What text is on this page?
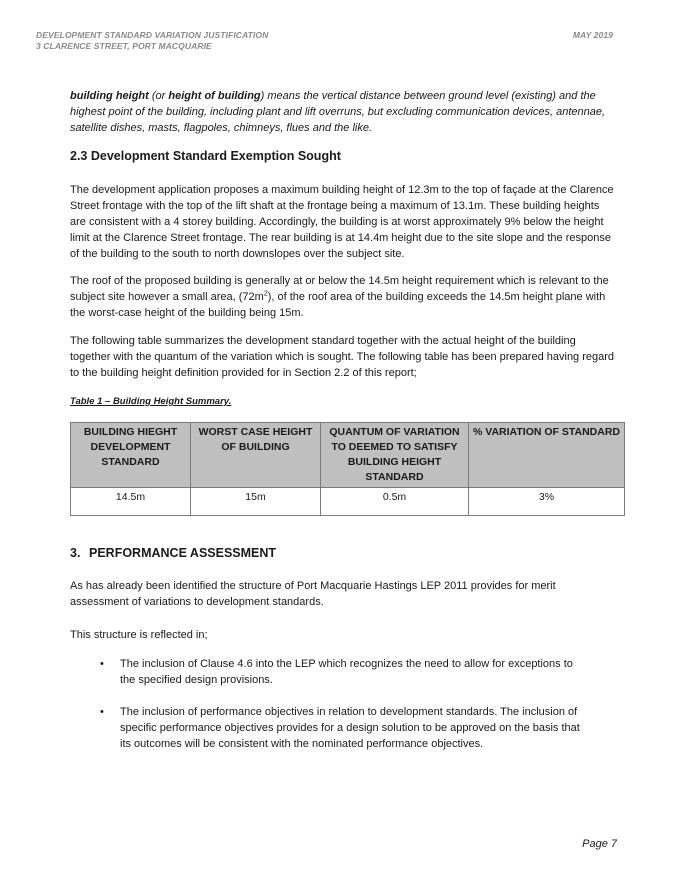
DEVELOPMENT STANDARD VARIATION JUSTIFICATION
3 CLARENCE STREET, PORT MACQUARIE
MAY 2019
building height (or height of building) means the vertical distance between ground level (existing) and the highest point of the building, including plant and lift overruns, but excluding communication devices, antennae, satellite dishes, masts, flagpoles, chimneys, flues and the like.
2.3 Development Standard Exemption Sought
The development application proposes a maximum building height of 12.3m to the top of façade at the Clarence Street frontage with the top of the lift shaft at the frontage being a maximum of 13.1m. These building heights are consistent with a 4 storey building. Accordingly, the building is at worst approximately 9% below the height limit at the Clarence Street frontage. The rear building is at 14.4m height due to the site slope and the response of the building to the south to north downslopes over the subject site.
The roof of the proposed building is generally at or below the 14.5m height requirement which is relevant to the subject site however a small area, $(72m^2)$, of the roof area of the building exceeds the 14.5m height plane with the worst-case height of the building being 15m.
The following table summarizes the development standard together with the actual height of the building together with the quantum of the variation which is sought. The following table has been prepared having regard to the building height definition provided for in Section 2.2 of this report;
Table 1 – Building Height Summary.
BUILDING HIEGHT DEVELOPMENT STANDARD	WORST CASE HEIGHT OF BUILDING	QUANTUM OF VARIATION TO DEEMED TO SATISFY BUILDING HEIGHT STANDARD	% VARIATION OF STANDARD
14.5m	15m	0.5m	3%
3. PERFORMANCE ASSESSMENT
As has already been identified the structure of Port Macquarie Hastings LEP 2011 provides for merit assessment of variations to development standards.
This structure is reflected in;
•	The inclusion of Clause 4.6 into the LEP which recognizes the need to allow for exceptions to the specified design provisions.
•	The inclusion of performance objectives in relation to development standards. The inclusion of specific performance objectives provides for a design solution to be approved on the basis that its outcomes will be consistent with the nominated performance objectives.
Page 7
